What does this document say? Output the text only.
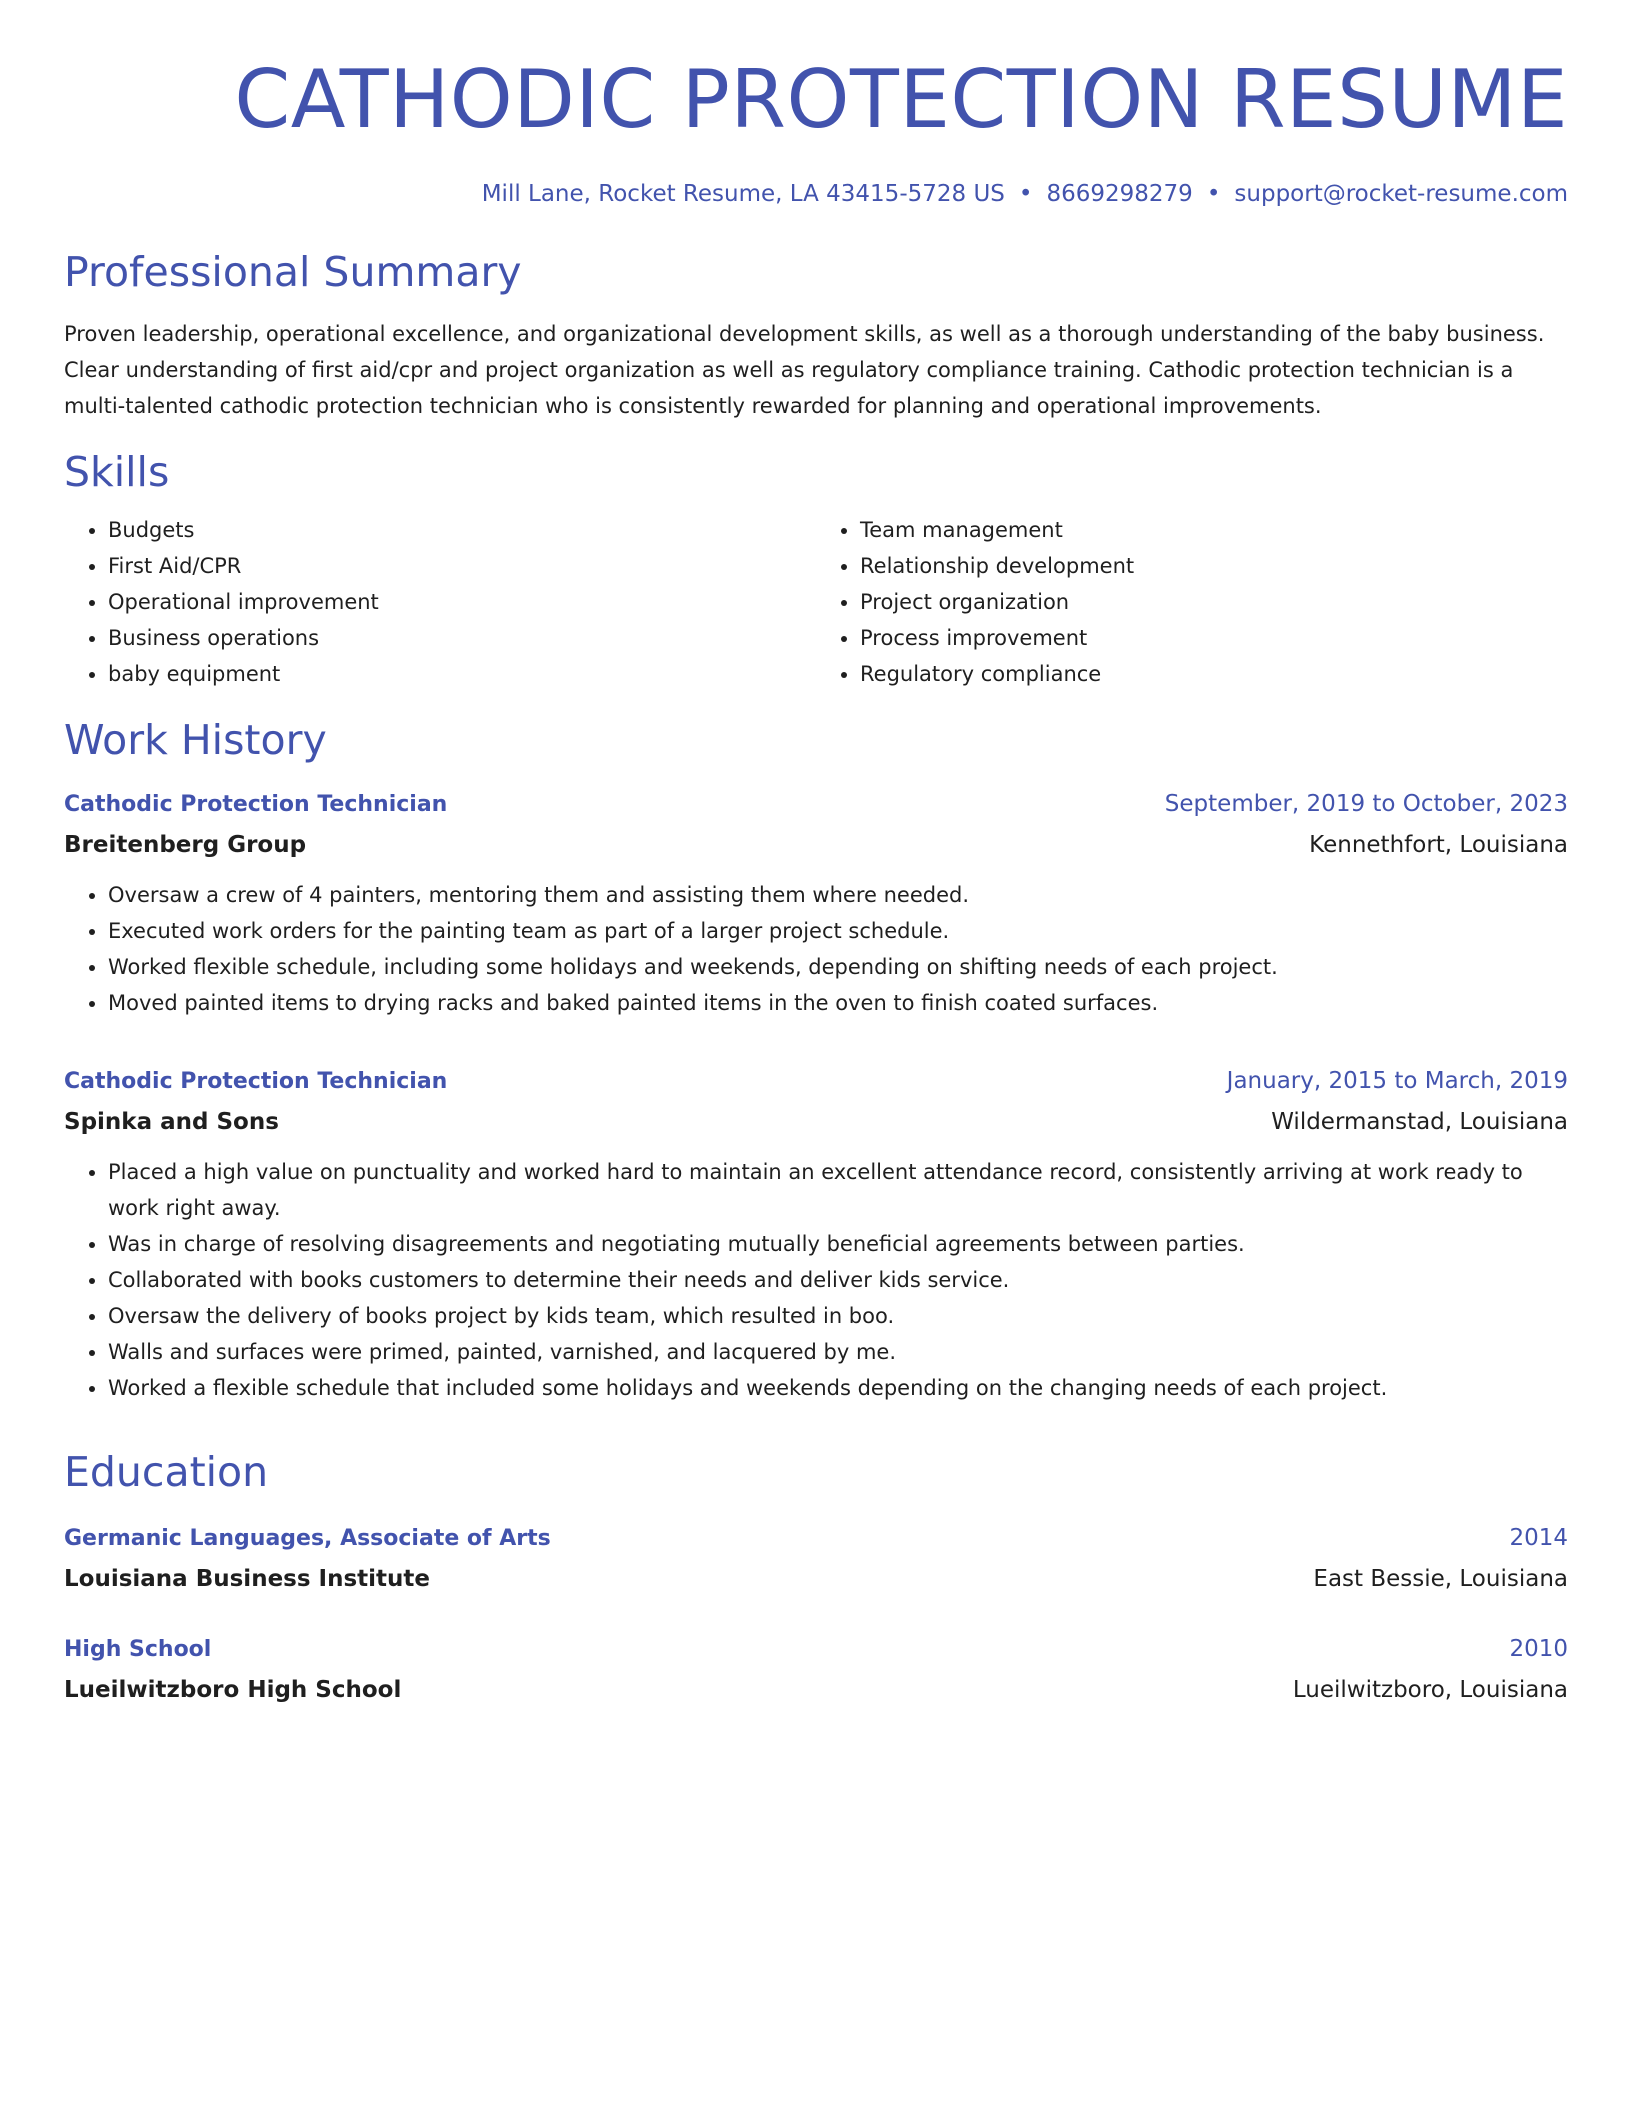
CATHODIC PROTECTION RESUME
Mill Lane, Rocket Resume, LA 43415-5728 US • 8669298279 • support@rocket-resume.com
Professional Summary

Proven leadership, operational excellence, and organizational development skills, as well as a thorough understanding of the baby business. Clear understanding of first aid/cpr and project organization as well as regulatory compliance training. Cathodic protection technician is a multi-talented cathodic protection technician who is consistently rewarded for planning and operational improvements.

Skills
• Budgets
• First Aid/CPR
• Operational improvement
• Business operations
• baby equipment
• Team management
• Relationship development
• Project organization
• Process improvement
• Regulatory compliance
Work History
Cathodic Protection Technician	September, 2019 to October, 2023
Breitenberg Group	Kennethfort, Louisiana
• Oversaw a crew of 4 painters, mentoring them and assisting them where needed.
• Executed work orders for the painting team as part of a larger project schedule.
• Worked flexible schedule, including some holidays and weekends, depending on shifting needs of each project.
• Moved painted items to drying racks and baked painted items in the oven to finish coated surfaces.
Cathodic Protection Technician	January, 2015 to March, 2019
Spinka and Sons	Wildermanstad, Louisiana
• Placed a high value on punctuality and worked hard to maintain an excellent attendance record, consistently arriving at work ready to work right away.
• Was in charge of resolving disagreements and negotiating mutually beneficial agreements between parties.
• Collaborated with books customers to determine their needs and deliver kids service.
• Oversaw the delivery of books project by kids team, which resulted in boo.
• Walls and surfaces were primed, painted, varnished, and lacquered by me.
• Worked a flexible schedule that included some holidays and weekends depending on the changing needs of each project.
Education
Germanic Languages, Associate of Arts	2014
Louisiana Business Institute	East Bessie, Louisiana
High School	2010
Lueilwitzboro High School	Lueilwitzboro, Louisiana
